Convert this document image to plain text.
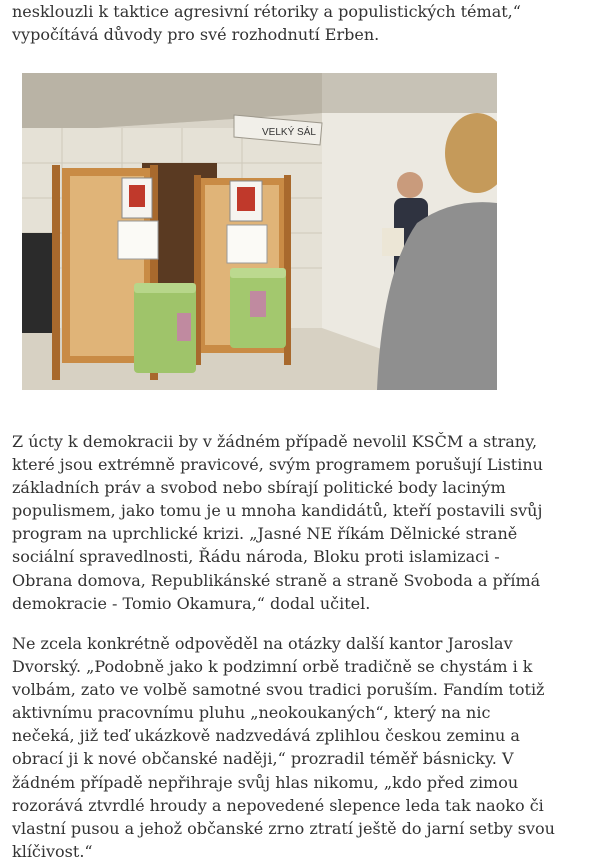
nesklouzli k taktice agresivní rétoriky a populistických témat,“
vypočítává důvody pro své rozhodnutí Erben.

VELKÝ SÁL

Z úcty k demokracii by v žádném případě nevolil KSČM a strany,
které jsou extrémně pravicové, svým programem porušují Listinu
základních práv a svobod nebo sbírají politické body laciným
populismem, jako tomu je u mnoha kandidátů, kteří postavili svůj
program na uprchlické krizi. „Jasné NE říkám Dělnické straně
sociální spravedlnosti, Řádu národa, Bloku proti islamizaci -
Obrana domova, Republikánské straně a straně Svoboda a přímá
demokracie - Tomio Okamura,“ dodal učitel.

Ne zcela konkrétně odpověděl na otázky další kantor Jaroslav
Dvorský. „Podobně jako k podzimní orbě tradičně se chystám i k
volbám, zato ve volbě samotné svou tradici poruším. Fandím totiž
aktivnímu pracovnímu pluhu „neokoukaných“, který na nic
nečeká, již teď ukázkově nadzvedává zplihlou českou zeminu a
obrací ji k nové občanské naději,“ prozradil téměř básnicky. V
žádném případě nepřihraje svůj hlas nikomu, „kdo před zimou
rozorává ztvrdlé hroudy a nepovedené slepence leda tak naoko či
vlastní pusou a jehož občanské zrno ztratí ještě do jarní setby svou
klíčivost.“
